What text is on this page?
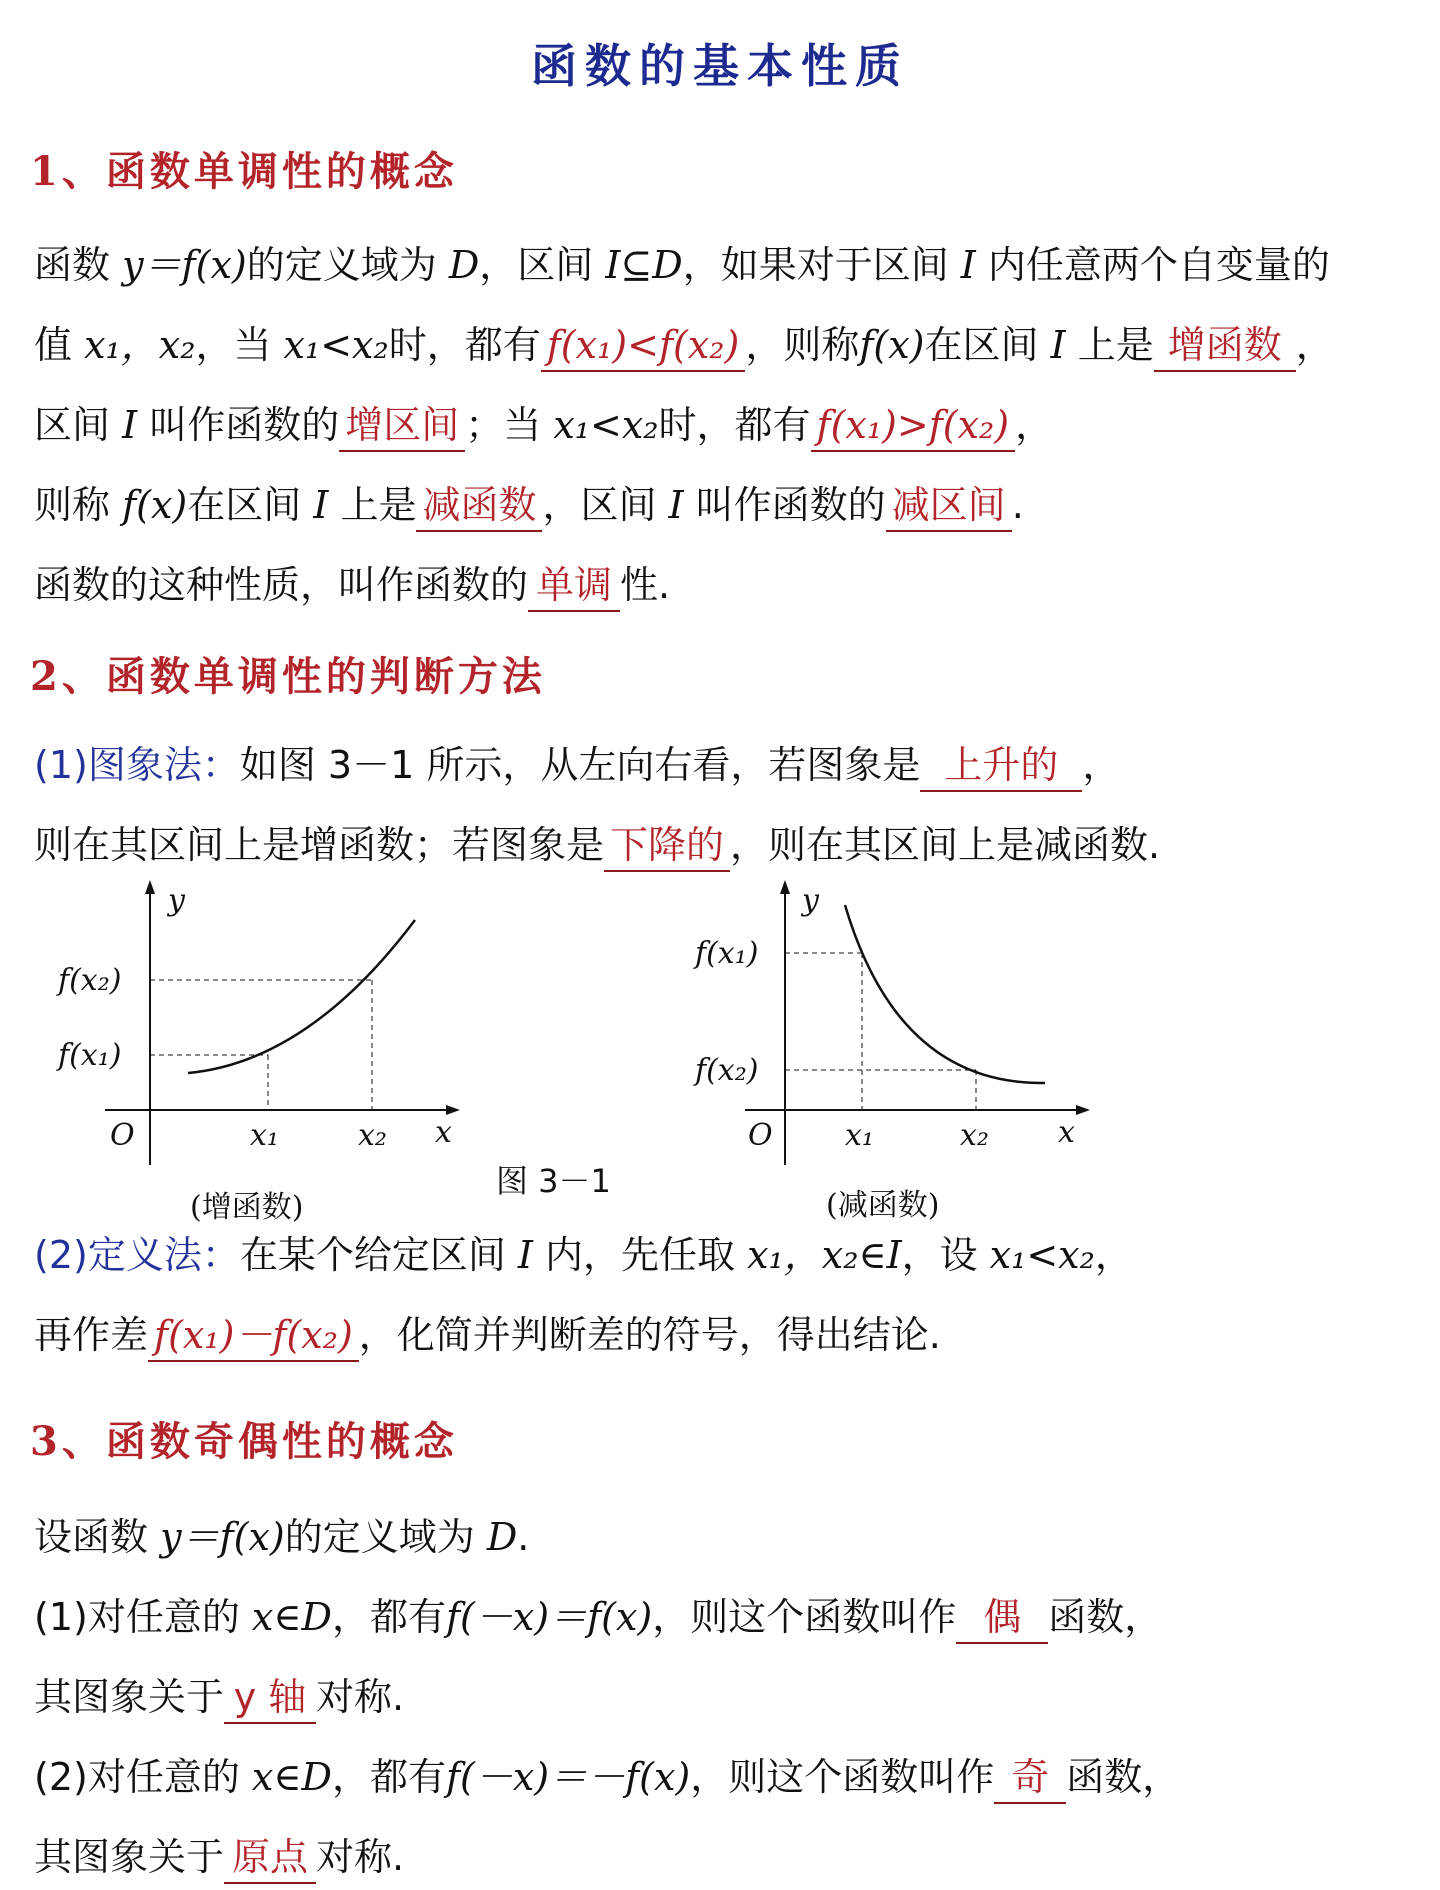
函数的基本性质
1、函数单调性的概念
函数 y＝f(x)的定义域为 D，区间 I⊆D，如果对于区间 I 内任意两个自变量的
值 x₁，x₂，当 x₁<x₂时，都有 f(x₁)<f(x₂) ，则称f(x)在区间 I 上是 增函数 ，
区间 I 叫作函数的 增区间 ；当 x₁<x₂时，都有 f(x₁)>f(x₂) ，
则称 f(x)在区间 I 上是 减函数 ，区间 I 叫作函数的 减区间 .
函数的这种性质，叫作函数的 单调 性.
2、函数单调性的判断方法
(1)图象法：如图 3－1 所示，从左向右看，若图象是 上升的 ，
则在其区间上是增函数；若图象是 下降的 ，则在其区间上是减函数.
y
x
O	x₁	x₂
f(x₁)
f(x₂)
(增函数)
图 3－1
y
x
O x₁	x₂
f(x₁)
f(x₂)
(减函数)
(2)定义法：在某个给定区间 I 内，先任取 x₁，x₂∈I，设 x₁<x₂，
再作差 f(x₁)－f(x₂) ，化简并判断差的符号，得出结论.
3、函数奇偶性的概念
设函数 y＝f(x)的定义域为 D.
(1)对任意的 x∈D，都有f(－x)＝f(x)，则这个函数叫作 偶 函数，
其图象关于 y 轴 对称.
(2)对任意的 x∈D，都有f(－x)＝－f(x)，则这个函数叫作 奇 函数，
其图象关于 原点 对称.
